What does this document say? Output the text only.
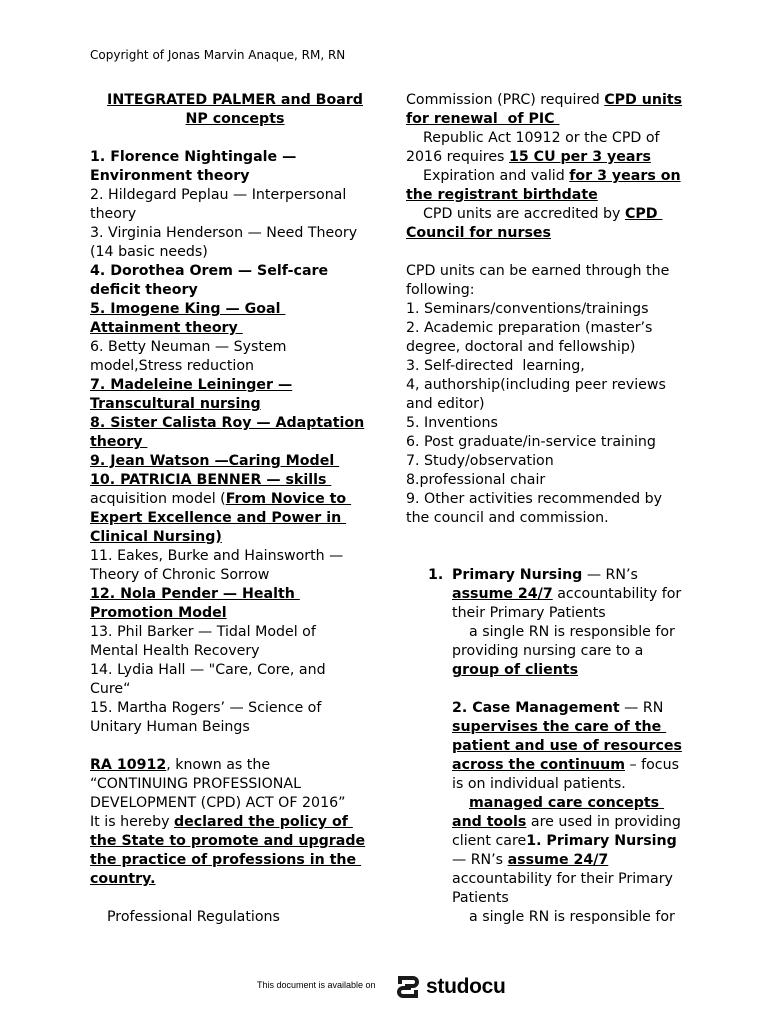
Copyright of Jonas Marvin Anaque, RM, RN
INTEGRATED PALMER and Board
NP concepts
1. Florence Nightingale —
Environment theory
2. Hildegard Peplau — Interpersonal
theory
3. Virginia Henderson — Need Theory
(14 basic needs)
4. Dorothea Orem — Self-care
deficit theory
5. Imogene King — Goal
Attainment theory
6. Betty Neuman — System
model,Stress reduction
7. Madeleine Leininger —
Transcultural nursing
8. Sister Calista Roy — Adaptation
theory
9. Jean Watson —Caring Model
10. PATRICIA BENNER — skills
acquisition model (From Novice to
Expert Excellence and Power in
Clinical Nursing)
11. Eakes, Burke and Hainsworth —
Theory of Chronic Sorrow
12. Nola Pender — Health
Promotion Model
13. Phil Barker — Tidal Model of
Mental Health Recovery
14. Lydia Hall — "Care, Core, and
Cure“
15. Martha Rogers’ — Science of
Unitary Human Beings
RA 10912, known as the
“CONTINUING PROFESSIONAL
DEVELOPMENT (CPD) ACT OF 2016”
It is hereby declared the policy of
the State to promote and upgrade
the practice of professions in the
country.
Professional Regulations
Commission (PRC) required CPD units
for renewal  of PIC
Republic Act 10912 or the CPD of
2016 requires 15 CU per 3 years
Expiration and valid for 3 years on
the registrant birthdate
CPD units are accredited by CPD
Council for nurses
CPD units can be earned through the
following:
1. Seminars/conventions/trainings
2. Academic preparation (master’s
degree, doctoral and fellowship)
3. Self-directed  learning,
4, authorship(including peer reviews
and editor)
5. Inventions
6. Post graduate/in-service training
7. Study/observation
8.professional chair
9. Other activities recommended by
the council and commission.
1. Primary Nursing — RN’s
assume 24/7 accountability for
their Primary Patients
a single RN is responsible for
providing nursing care to a
group of clients
2. Case Management — RN
supervises the care of the
patient and use of resources
across the continuum – focus
is on individual patients.
managed care concepts
and tools are used in providing
client care1. Primary Nursing
— RN’s assume 24/7
accountability for their Primary
Patients
a single RN is responsible for
This document is available on studocu
